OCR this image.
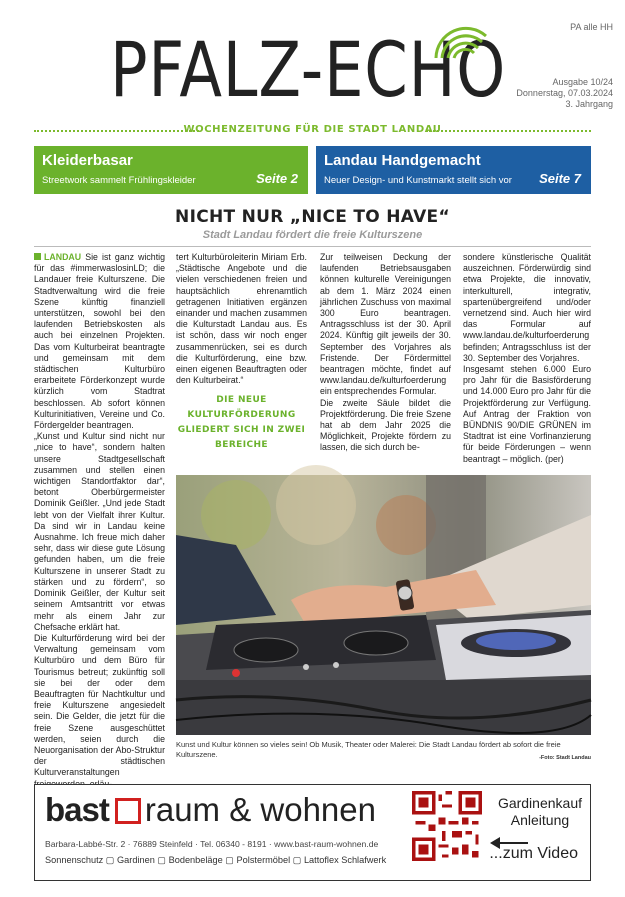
PFALZ-ECHO	PA alle HH
Ausgabe 10/24
Donnerstag, 07.03.2024
3. Jahrgang
WOCHENZEITUNG FÜR DIE STADT LANDAU
Kleiderbasar
Streetwork sammelt Frühlingskleider	Seite 2
Landau Handgemacht
Neuer Design- und Kunstmarkt stellt sich vor	Seite 7
NICHT NUR „NICE TO HAVE“
Stadt Landau fördert die freie Kulturszene

LANDAU Sie ist ganz wichtig für das #immerwaslosinLD; die Landauer freie Kulturszene. Die Stadtverwaltung wird die freie Szene künftig finanziell unterstützen, sowohl bei den laufenden Betriebskosten als auch bei einzelnen Projekten. Das vom Kulturbeirat beantragte und gemeinsam mit dem städtischen Kulturbüro erarbeitete Förderkonzept wurde kürzlich vom Stadtrat beschlossen. Ab sofort können Kulturinitiativen, Vereine und Co. Fördergelder beantragen.

„Kunst und Kultur sind nicht nur „nice to have“, sondern halten unsere Stadtgesellschaft zusammen und stellen einen wichtigen Standortfaktor dar“, betont Oberbürgermeister Dominik Geißler. „Und jede Stadt lebt von der Vielfalt ihrer Kultur. Da sind wir in Landau keine Ausnahme. Ich freue mich daher sehr, dass wir diese gute Lösung gefunden haben, um die freie Kulturszene in unserer Stadt zu stärken und zu fördern“, so Dominik Geißler, der Kultur seit seinem Amtsantritt vor etwas mehr als einem Jahr zur Chefsache erklärt hat.

Die Kulturförderung wird bei der Verwaltung gemeinsam vom Kulturbüro und dem Büro für Tourismus betreut; zukünftig soll sie bei der oder dem Beauftragten für Nachtkultur und freie Kulturszene angesiedelt sein. Die Gelder, die jetzt für die freie Szene ausgeschüttet werden, seien durch die Neuorganisation der Abo-Struktur der städtischen Kulturveranstaltungen

tert Kulturbüroleiterin Miriam Erb. „Städtische Angebote und die vielen verschiedenen freien und hauptsächlich ehrenamtlich getragenen Initiativen ergänzen einander und machen zusammen die Kulturstadt Landau aus. Es ist schön, dass wir noch enger zusammenrücken, sei es durch die Kulturförderung, eine bzw. einen eigenen Beauftragten oder den Kulturbeirat.“

DIE NEUE KULTURFÖRDERUNG GLIEDERT SICH IN ZWEI BEREICHE

Zur teilweisen Deckung der laufenden Betriebsausgaben können kulturelle Vereinigungen ab dem 1. März 2024 einen jährlichen Zuschuss von maximal 300 Euro beantragen. Antragsschluss ist der 30. April 2024. Künftig gilt jeweils der 30. September des Vorjahres als Fristende. Der Fördermittel beantragen möchte, findet auf www.landau.de/kulturfoerderung ein entsprechendes Formular.

Die zweite Säule bildet die Projektförderung. Die freie Szene hat ab dem Jahr 2025 die Möglichkeit, Projekte fördern zu lassen, die sich durch be-

sondere künstlerische Qualität auszeichnen. Förderwürdig sind etwa Projekte, die innovativ, interkulturell, integrativ, spartenübergreifend und/oder vernetzend sind. Auch hier wird das Formular auf www.landau.de/kulturfoerderung befinden; Antragsschluss ist der 30. September des Vorjahres.

Insgesamt stehen 6.000 Euro pro Jahr für die Basisförderung und 14.000 Euro pro Jahr für die Projektförderung zur Verfügung. Auf Antrag der Fraktion von BÜNDNIS 90/DIE GRÜNEN im Stadtrat ist eine Vorfinanzierung für beide Förderungen – wenn beantragt – möglich. (per)

Kunst und Kultur können so vieles sein! Ob Musik, Theater oder Malerei: Die Stadt Landau fördert ab sofort die freie Kulturszene.	-Foto: Stadt Landau
bast raum & wohnen
Barbara-Labbé-Str. 2 · 76889 Steinfeld · Tel. 06340 - 8191 · www.bast-raum-wohnen.de
Sonnenschutz ▢ Gardinen ▢ Bodenbeläge ▢ Polstermöbel ▢ Lattoflex Schlafwerk
Gardinenkauf
Anleitung
...zum Video
